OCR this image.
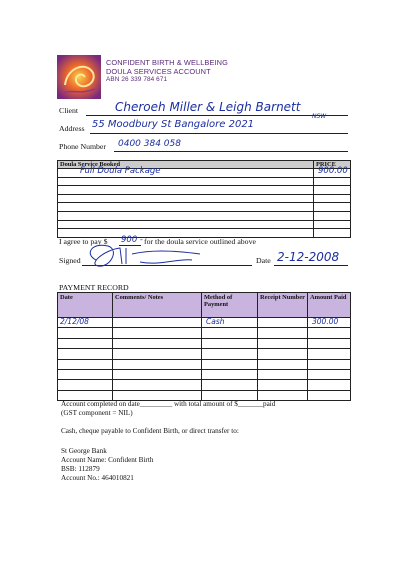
CONFIDENT BIRTH & WELLBEING
DOULA SERVICES ACCOUNT
ABN 26 339 784 671
Client	Cheroeh Miller & Leigh Barnett
Address
NSW
55 Moodbury St Bangalore 2021
Phone Number 0400 384 058
Doula Service Booked	PRICE

Full Doula Package	900.00

I agree to pay $ 900 - for the doula service outlined above
Signed	Date 2-12-2008
PAYMENT RECORD
Date	Comments/ Notes	Method of Payment	Receipt Number	Amount Paid

2/12/08		Cash		300.00

Account completed on date_________ with total amount of $_______paid
(GST component = NIL)
Cash, cheque payable to Confident Birth, or direct transfer to:
St George Bank
Account Name: Confident Birth
BSB: 112879
Account No.: 464010821
